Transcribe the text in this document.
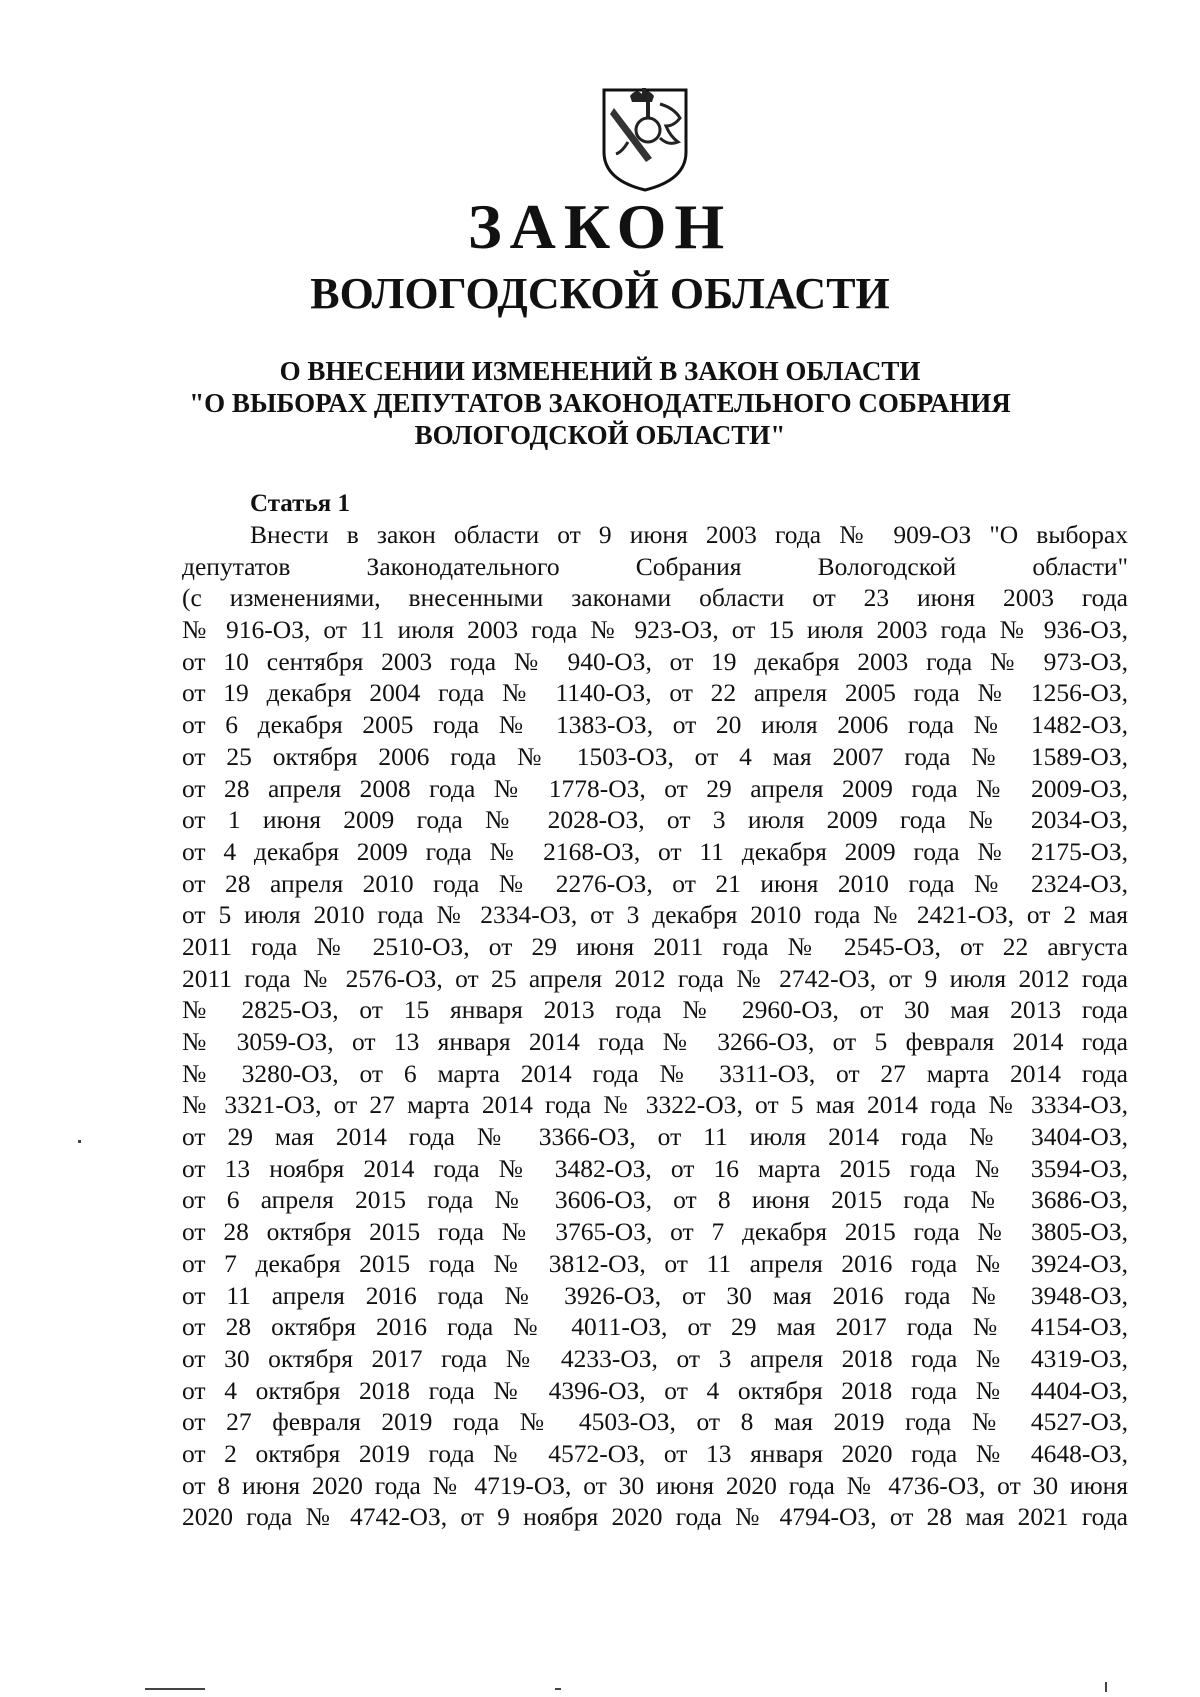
ЗАКОН
ВОЛОГОДСКОЙ ОБЛАСТИ
О ВНЕСЕНИИ ИЗМЕНЕНИЙ В ЗАКОН ОБЛАСТИ
"О ВЫБОРАХ ДЕПУТАТОВ ЗАКОНОДАТЕЛЬНОГО СОБРАНИЯ
ВОЛОГОДСКОЙ ОБЛАСТИ"
Статья 1
Внести в закон области от 9 июня 2003 года № 909-ОЗ "О выборах
депутатов Законодательного Собрания Вологодской области"
(с изменениями, внесенными законами области от 23 июня 2003 года
№ 916-ОЗ, от 11 июля 2003 года № 923-ОЗ, от 15 июля 2003 года № 936-ОЗ,
от 10 сентября 2003 года № 940-ОЗ, от 19 декабря 2003 года № 973-ОЗ,
от 19 декабря 2004 года № 1140-ОЗ, от 22 апреля 2005 года № 1256-ОЗ,
от 6 декабря 2005 года № 1383-ОЗ, от 20 июля 2006 года № 1482-ОЗ,
от 25 октября 2006 года № 1503-ОЗ, от 4 мая 2007 года № 1589-ОЗ,
от 28 апреля 2008 года № 1778-ОЗ, от 29 апреля 2009 года № 2009-ОЗ,
от 1 июня 2009 года № 2028-ОЗ, от 3 июля 2009 года № 2034-ОЗ,
от 4 декабря 2009 года № 2168-ОЗ, от 11 декабря 2009 года № 2175-ОЗ,
от 28 апреля 2010 года № 2276-ОЗ, от 21 июня 2010 года № 2324-ОЗ,
от 5 июля 2010 года № 2334-ОЗ, от 3 декабря 2010 года № 2421-ОЗ, от 2 мая
2011 года № 2510-ОЗ, от 29 июня 2011 года № 2545-ОЗ, от 22 августа
2011 года № 2576-ОЗ, от 25 апреля 2012 года № 2742-ОЗ, от 9 июля 2012 года
№ 2825-ОЗ, от 15 января 2013 года № 2960-ОЗ, от 30 мая 2013 года
№ 3059-ОЗ, от 13 января 2014 года № 3266-ОЗ, от 5 февраля 2014 года
№ 3280-ОЗ, от 6 марта 2014 года № 3311-ОЗ, от 27 марта 2014 года
№ 3321-ОЗ, от 27 марта 2014 года № 3322-ОЗ, от 5 мая 2014 года № 3334-ОЗ,
от 29 мая 2014 года № 3366-ОЗ, от 11 июля 2014 года № 3404-ОЗ,
от 13 ноября 2014 года № 3482-ОЗ, от 16 марта 2015 года № 3594-ОЗ,
от 6 апреля 2015 года № 3606-ОЗ, от 8 июня 2015 года № 3686-ОЗ,
от 28 октября 2015 года № 3765-ОЗ, от 7 декабря 2015 года № 3805-ОЗ,
от 7 декабря 2015 года № 3812-ОЗ, от 11 апреля 2016 года № 3924-ОЗ,
от 11 апреля 2016 года № 3926-ОЗ, от 30 мая 2016 года № 3948-ОЗ,
от 28 октября 2016 года № 4011-ОЗ, от 29 мая 2017 года № 4154-ОЗ,
от 30 октября 2017 года № 4233-ОЗ, от 3 апреля 2018 года № 4319-ОЗ,
от 4 октября 2018 года № 4396-ОЗ, от 4 октября 2018 года № 4404-ОЗ,
от 27 февраля 2019 года № 4503-ОЗ, от 8 мая 2019 года № 4527-ОЗ,
от 2 октября 2019 года № 4572-ОЗ, от 13 января 2020 года № 4648-ОЗ,
от 8 июня 2020 года № 4719-ОЗ, от 30 июня 2020 года № 4736-ОЗ, от 30 июня
2020 года № 4742-ОЗ, от 9 ноября 2020 года № 4794-ОЗ, от 28 мая 2021 года
